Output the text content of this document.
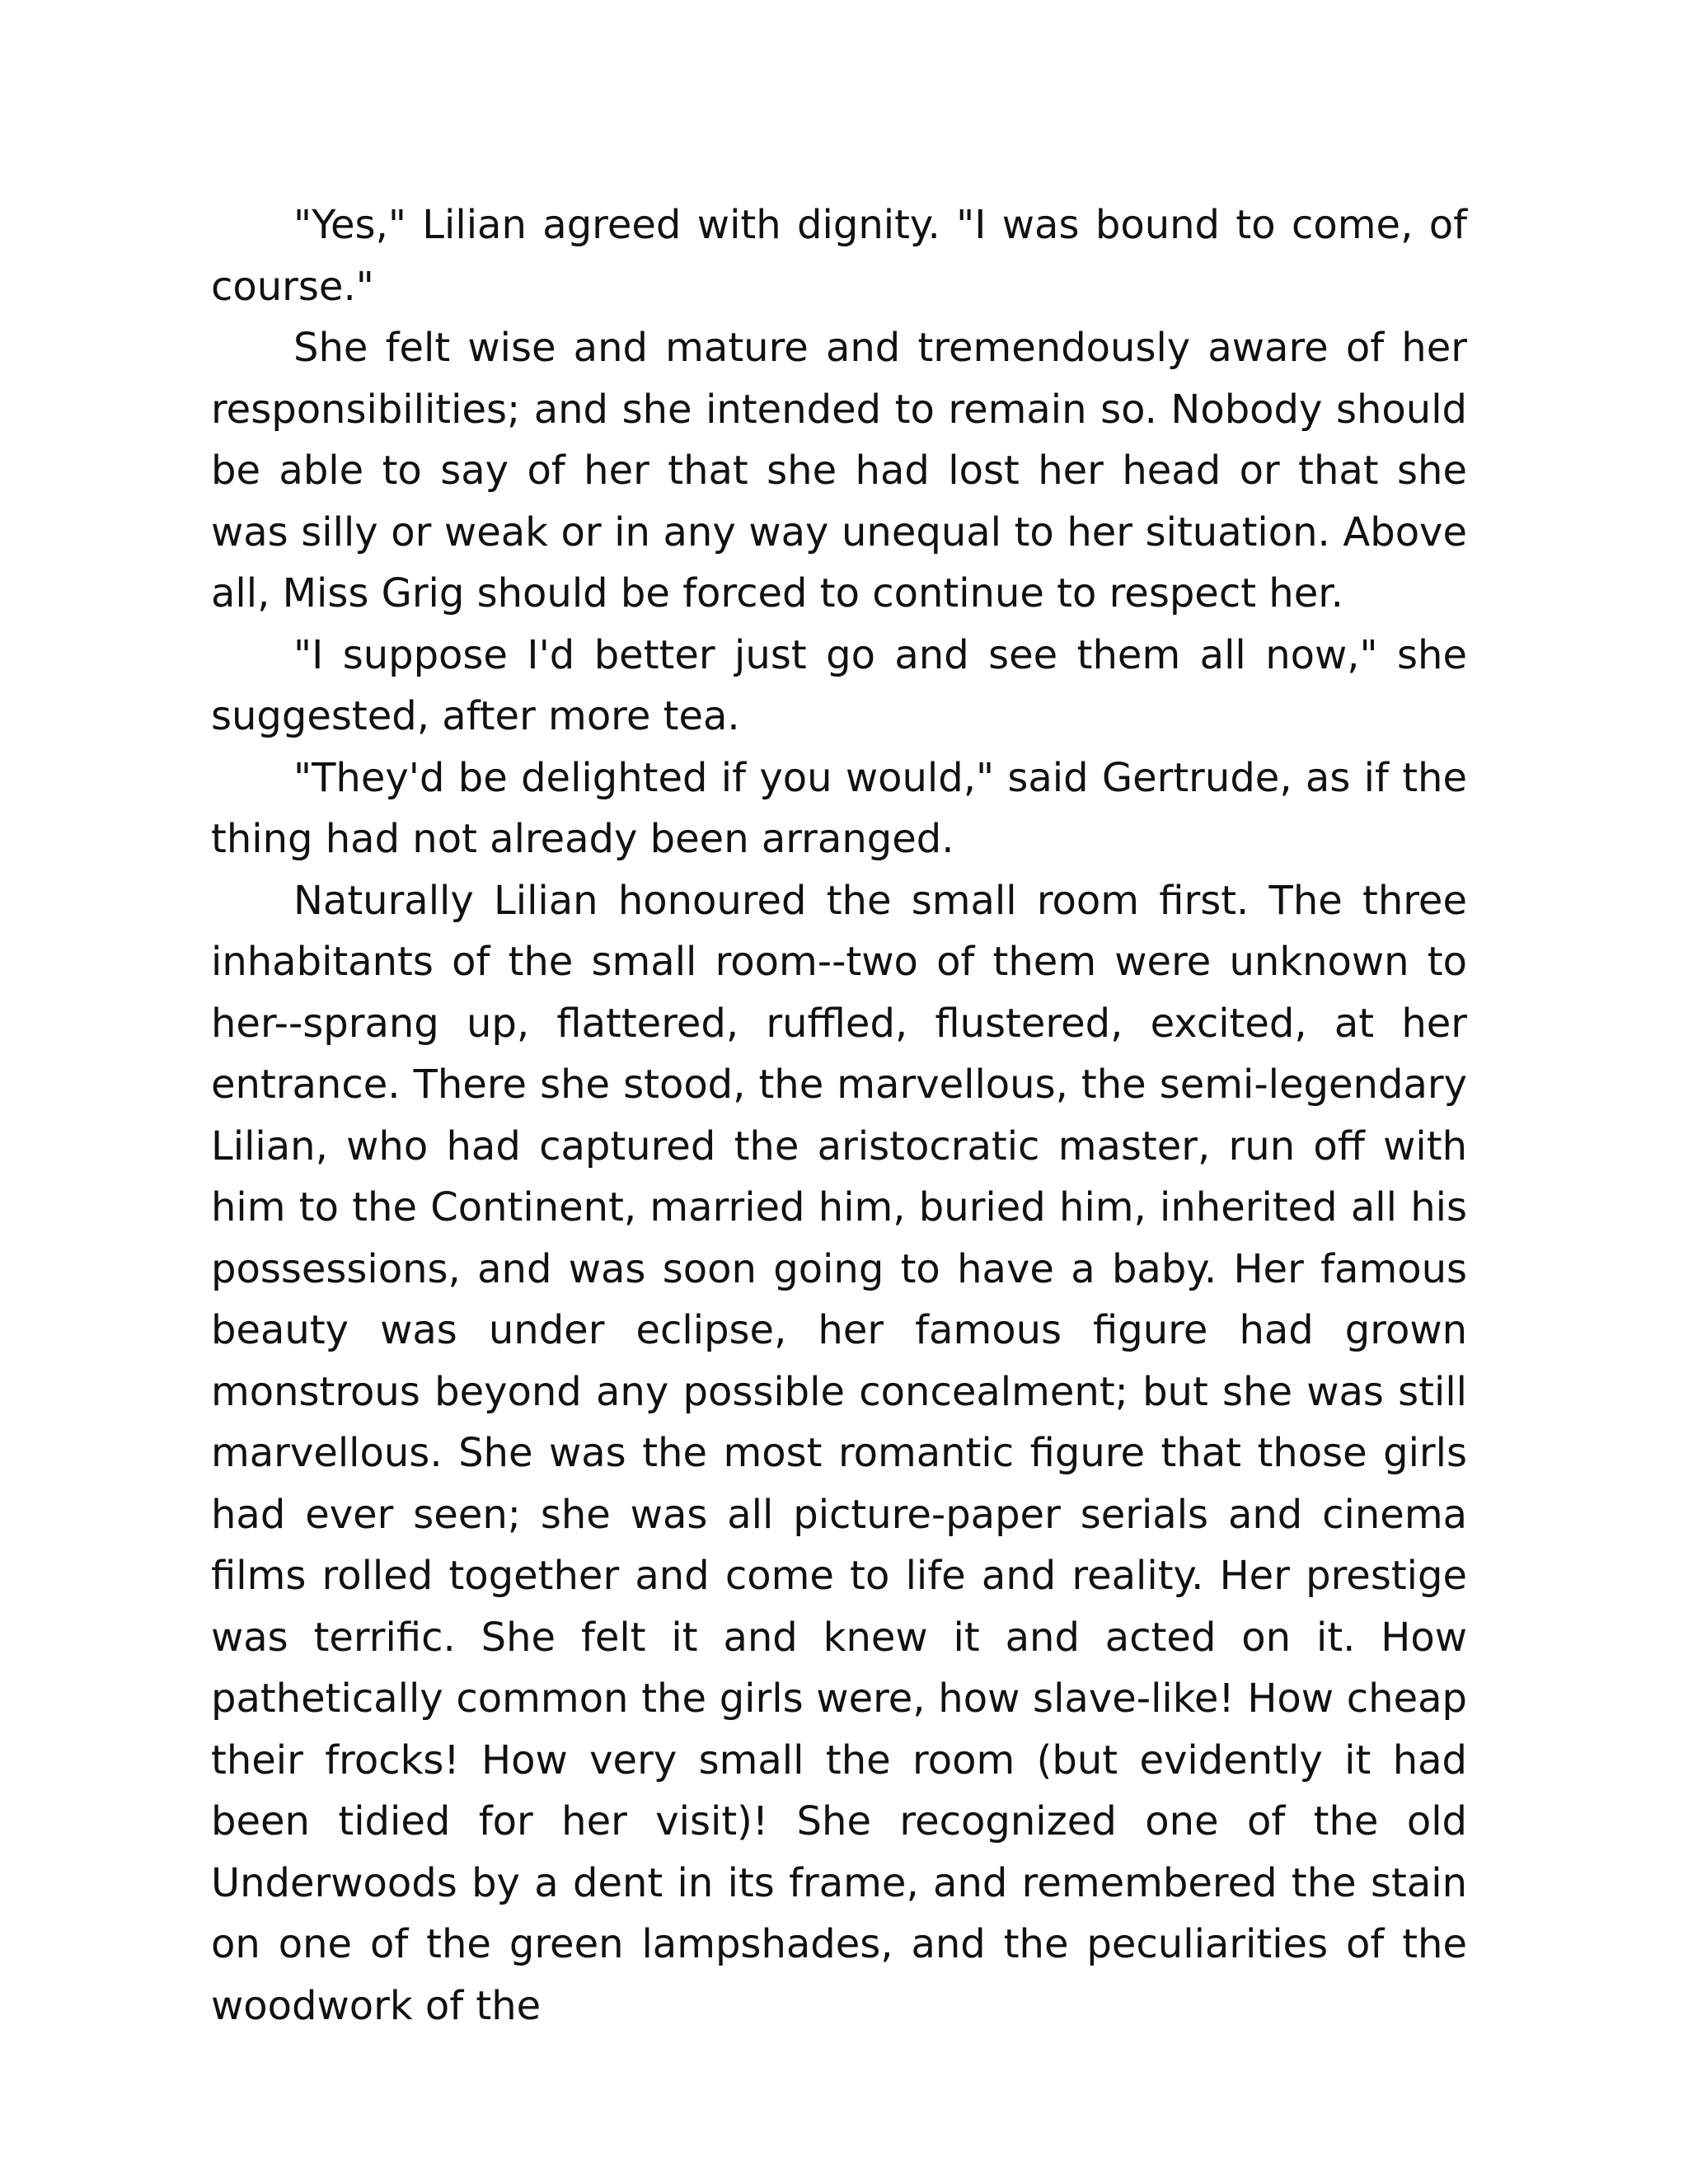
"Yes," Lilian agreed with dignity. "I was bound to come, of course."

She felt wise and mature and tremendously aware of her responsibilities; and she intended to remain so. Nobody should be able to say of her that she had lost her head or that she was silly or weak or in any way unequal to her situation. Above all, Miss Grig should be forced to continue to respect her.

"I suppose I'd better just go and see them all now," she suggested, after more tea.

"They'd be delighted if you would," said Gertrude, as if the thing had not already been arranged.

Naturally Lilian honoured the small room first. The three inhabitants of the small room--two of them were unknown to her--sprang up, flattered, ruffled, flustered, excited, at her entrance. There she stood, the marvellous, the semi-legendary Lilian, who had captured the aristocratic master, run off with him to the Continent, married him, buried him, inherited all his possessions, and was soon going to have a baby. Her famous beauty was under eclipse, her famous figure had grown monstrous beyond any possible concealment; but she was still marvellous. She was the most romantic figure that those girls had ever seen; she was all picture-paper serials and cinema films rolled together and come to life and reality. Her prestige was terrific. She felt it and knew it and acted on it. How pathetically common the girls were, how slave-like! How cheap their frocks! How very small the room (but evidently it had been tidied for her visit)! She recognized one of the old Underwoods by a dent in its frame, and remembered the stain on one of the green lampshades, and the peculiarities of the woodwork of the
